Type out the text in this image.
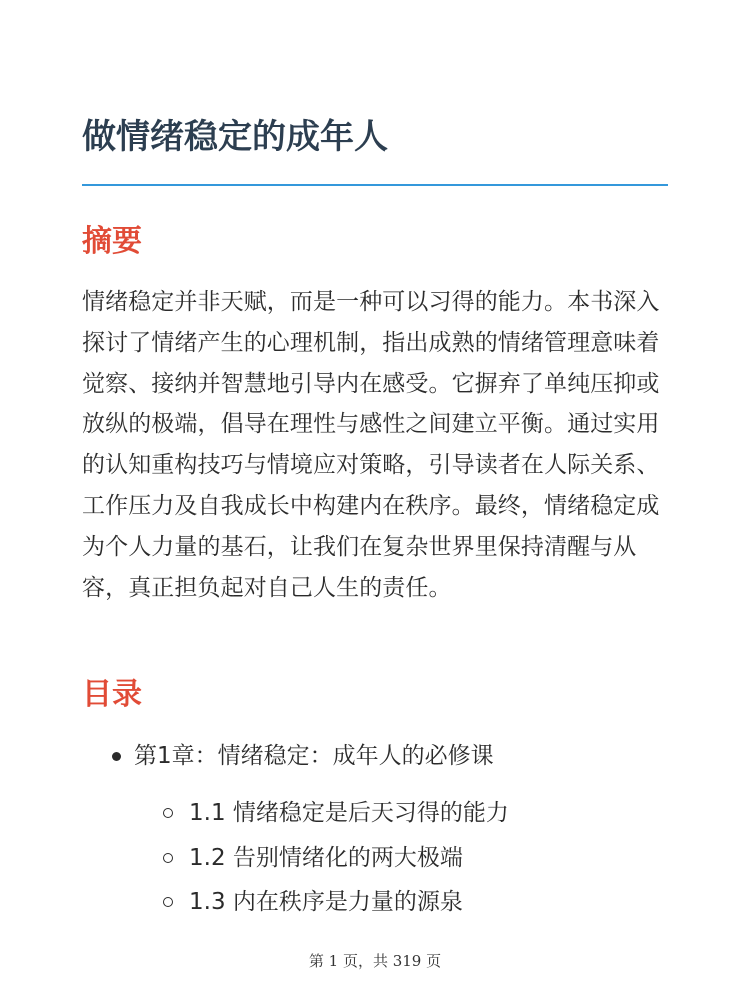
做情绪稳定的成年人
摘要

情绪稳定并非天赋，而是一种可以习得的能力。本书深入探讨了情绪产生的心理机制，指出成熟的情绪管理意味着觉察、接纳并智慧地引导内在感受。它摒弃了单纯压抑或放纵的极端，倡导在理性与感性之间建立平衡。通过实用的认知重构技巧与情境应对策略，引导读者在人际关系、工作压力及自我成长中构建内在秩序。最终，情绪稳定成为个人力量的基石，让我们在复杂世界里保持清醒与从容，真正担负起对自己人生的责任。

目录
第1章：情绪稳定：成年人的必修课
1.1 情绪稳定是后天习得的能力
1.2 告别情绪化的两大极端
1.3 内在秩序是力量的源泉
第 1 页，共 319 页
